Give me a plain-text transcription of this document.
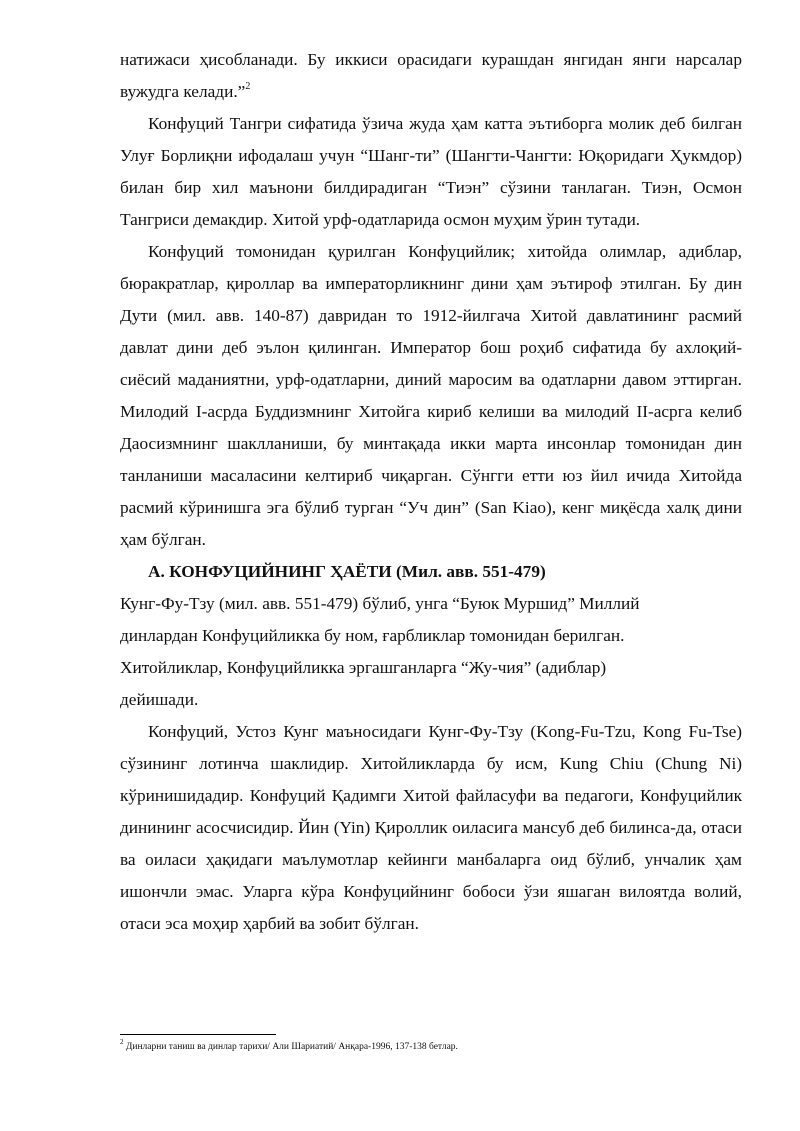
натижаси ҳисобланади. Бу иккиси орасидаги курашдан янгидан янги нарсалар вужудга келади.”$^2$

Конфуций Тангри сифатида ўзича жуда ҳам катта эътиборга молик деб билган Улуғ Борлиқни ифодалаш учун “Шанг-ти” (Шангти-Чангти: Юқоридаги Ҳукмдор) билан бир хил маънони билдирадиган “Тиэн” сўзини танлаган. Тиэн, Осмон Тангриси демакдир. Хитой урф-одатларида осмон муҳим ўрин тутади.

Конфуций томонидан қурилган Конфуцийлик; хитойда олимлар, адиблар, бюракратлар, қироллар ва императорликнинг дини ҳам эътироф этилган. Бу дин Дути (мил. авв. 140-87) давридан то 1912-йилгача Хитой давлатининг расмий давлат дини деб эълон қилинган. Император бош роҳиб сифатида бу ахлоқий-сиёсий маданиятни, урф-одатларни, диний маросим ва одатларни давом эттирган. Милодий I-асрда Буддизмнинг Хитойга кириб келиши ва милодий II-асрга келиб Даосизмнинг шаклланиши, бу минтақада икки марта инсонлар томонидан дин танланиши масаласини келтириб чиқарган. Сўнгги етти юз йил ичида Хитойда расмий кўринишга эга бўлиб турган “Уч дин” (San Kiao), кенг миқёсда халқ дини ҳам бўлган.

А. КОНФУЦИЙНИНГ ҲАЁТИ (Мил. авв. 551-479)

Кунг-Фу-Тзу (мил. авв. 551-479) бўлиб, унга “Буюк Муршид” Миллий

динлардан Конфуцийликка бу ном, ғарбликлар томонидан берилган.

Хитойликлар, Конфуцийликка эргашганларга “Жу-чия” (адиблар)

дейишади.

Конфуций, Устоз Кунг маъносидаги Кунг-Фу-Тзу (Kong-Fu-Tzu, Kong Fu-Tse) сўзининг лотинча шаклидир. Хитойликларда бу исм, Kung Chiu (Chung Ni) кўринишидадир. Конфуций Қадимги Хитой файласуфи ва педагоги, Конфуцийлик динининг асосчисидир. Йин (Yin) Қироллик оиласига мансуб деб билинса-да, отаси ва оиласи ҳақидаги маълумотлар кейинги манбаларга оид бўлиб, унчалик ҳам ишончли эмас. Уларга кўра Конфуцийнинг бобоси ўзи яшаган вилоятда волий, отаси эса моҳир ҳарбий ва зобит бўлган.

$^2$ Динларни таниш ва динлар тарихи/ Али Шариатий/ Анқара-1996, 137-138 бетлар.
